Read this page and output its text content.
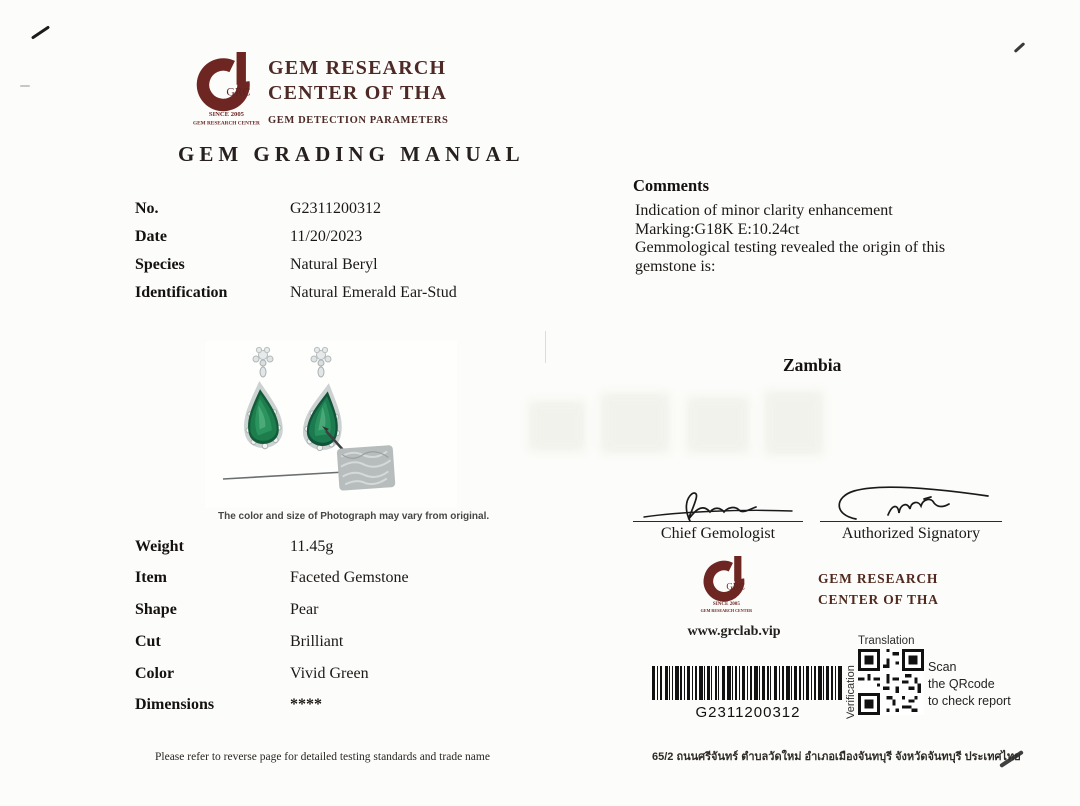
GRC
SINCE 2005
GEM RESEARCH CENTER
GEM RESEARCH
CENTER OF THA
GEM DETECTION PARAMETERS
GEM GRADING MANUAL
No.	G2311200312
Date	11/20/2023
Species	Natural Beryl
Identification	Natural Emerald Ear-Stud
Comments
Indication of minor clarity enhancement
Marking:G18K E:10.24ct
Gemmological testing revealed the origin of this gemstone is:
Zambia
The color and size of Photograph may vary from original.
Weight	11.45g
Item	Faceted Gemstone
Shape	Pear
Cut	Brilliant
Color	Vivid Green
Dimensions	****
Chief Gemologist	Authorized Signatory
GRC
SINCE 2005
GEM RESEARCH CENTER
www.grclab.vip
GEM RESEARCH
CENTER OF THA
Translation
Verification	Scan
the QRcode
to check report
G2311200312
Please refer to reverse page for detailed testing standards and trade name	65/2 ถนนศรีจันทร์ ตำบลวัดใหม่ อำเภอเมืองจันทบุรี จังหวัดจันทบุรี ประเทศไทย
